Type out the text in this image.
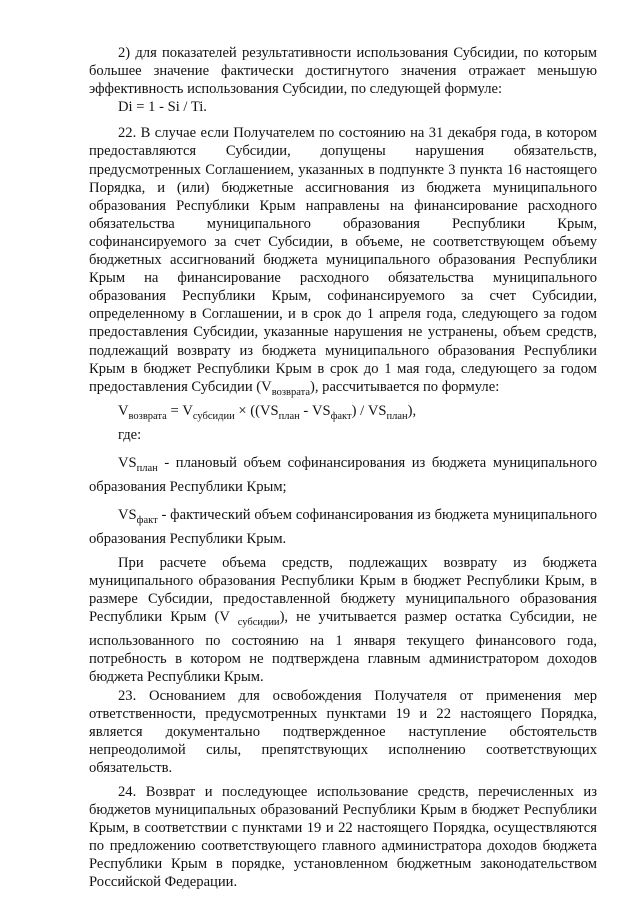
2) для показателей результативности использования Субсидии, по которым большее значение фактически достигнутого значения отражает меньшую эффективность использования Субсидии, по следующей формуле:

Di = 1 - Si / Ti.

22. В случае если Получателем по состоянию на 31 декабря года, в котором предоставляются Субсидии, допущены нарушения обязательств, предусмотренных Соглашением, указанных в подпункте 3 пункта 16 настоящего Порядка, и (или) бюджетные ассигнования из бюджета муниципального образования Республики Крым направлены на финансирование расходного обязательства муниципального образования Республики Крым, софинансируемого за счет Субсидии, в объеме, не соответствующем объему бюджетных ассигнований бюджета муниципального образования Республики Крым на финансирование расходного обязательства муниципального образования Республики Крым, софинансируемого за счет Субсидии, определенному в Соглашении, и в срок до 1 апреля года, следующего за годом предоставления Субсидии, указанные нарушения не устранены, объем средств, подлежащий возврату из бюджета муниципального образования Республики Крым в бюджет Республики Крым в срок до 1 мая года, следующего за годом предоставления Субсидии $(V_{возврата})$, рассчитывается по формуле:

$V_{возврата} = V_{субсидии} \times ((VS_{план} - VS_{факт}) / VS_{план})$,

где:

$VS_{план}$ - плановый объем софинансирования из бюджета муниципального образования Республики Крым;

$VS_{факт}$ - фактический объем софинансирования из бюджета муниципального образования Республики Крым.

При расчете объема средств, подлежащих возврату из бюджета муниципального образования Республики Крым в бюджет Республики Крым, в размере Субсидии, предоставленной бюджету муниципального образования Республики Крым (V $_{субсидии}$), не учитывается размер остатка Субсидии, не использованного по состоянию на 1 января текущего финансового года, потребность в котором не подтверждена главным администратором доходов бюджета Республики Крым.

23. Основанием для освобождения Получателя от применения мер ответственности, предусмотренных пунктами 19 и 22 настоящего Порядка, является документально подтвержденное наступление обстоятельств непреодолимой силы, препятствующих исполнению соответствующих обязательств.

24. Возврат и последующее использование средств, перечисленных из бюджетов муниципальных образований Республики Крым в бюджет Республики Крым, в соответствии с пунктами 19 и 22 настоящего Порядка, осуществляются по предложению соответствующего главного администратора доходов бюджета Республики Крым в порядке, установленном бюджетным законодательством Российской Федерации.
